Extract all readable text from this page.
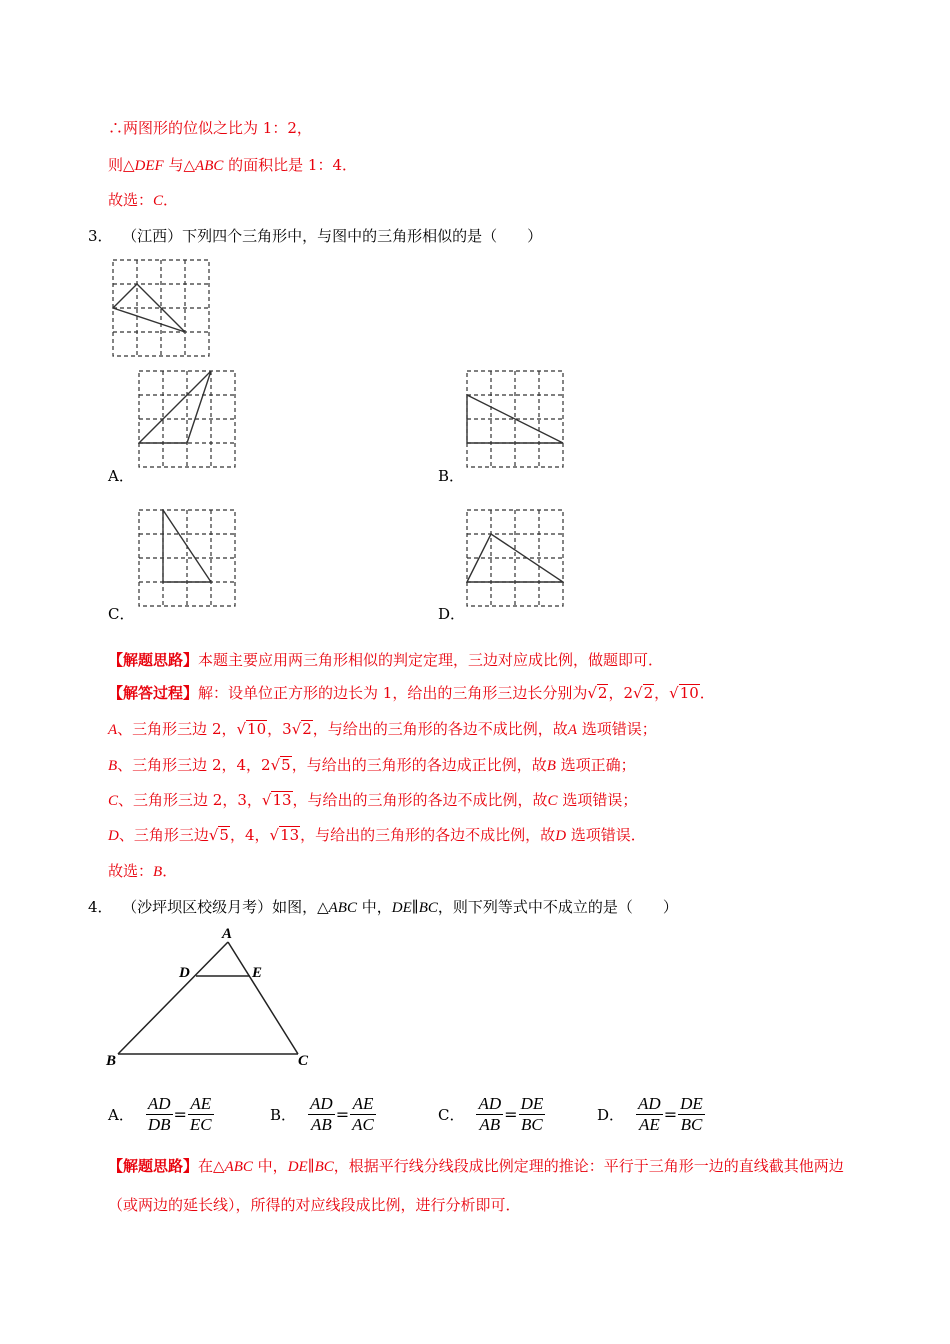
∴两图形的位似之比为 1：2，
则△DEF 与△ABC 的面积比是 1：4．
故选：C．
3． （江西）下列四个三角形中，与图中的三角形相似的是（　　）
A．	B．
C．	D．
【解题思路】本题主要应用两三角形相似的判定定理，三边对应成比例，做题即可．
【解答过程】解：设单位正方形的边长为 1，给出的三角形三边长分别为√2，2√2，√10．
A、三角形三边 2，√10，3√2，与给出的三角形的各边不成比例，故A 选项错误；
B、三角形三边 2，4，2√5，与给出的三角形的各边成正比例，故B 选项正确；
C、三角形三边 2，3，√13，与给出的三角形的各边不成比例，故C 选项错误；
D、三角形三边√5，4，√13，与给出的三角形的各边不成比例，故D 选项错误．
故选：B．
4． （沙坪坝区校级月考）如图，△ABC 中，DE∥BC，则下列等式中不成立的是（　　）
A
D	E
B	C
A． $\frac{AD}{DB} = \frac{AE}{EC}$	B． $\frac{AD}{AB} = \frac{AE}{AC}$	C． $\frac{AD}{AB} = \frac{DE}{BC}$	D． $\frac{AD}{AE} = \frac{DE}{BC}$
【解题思路】在△ABC 中，DE∥BC，根据平行线分线段成比例定理的推论：平行于三角形一边的直线截其他两边（或两边的延长线），所得的对应线段成比例，进行分析即可．
